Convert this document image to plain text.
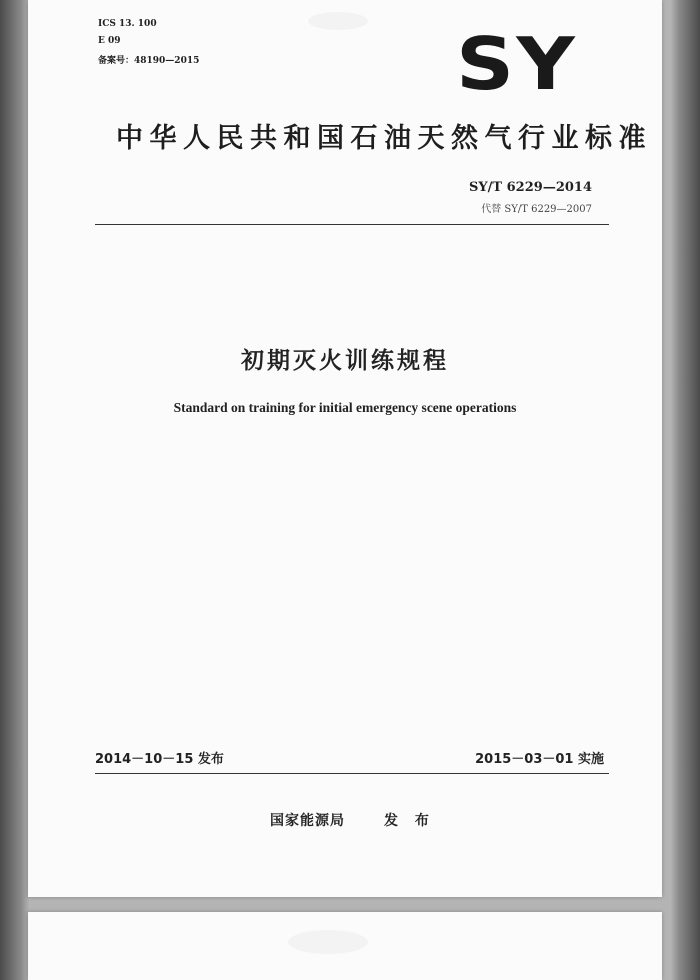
ICS 13. 100
E 09
备案号：48190—2015	SY
中华人民共和国石油天然气行业标准
SY/T 6229—2014
代替 SY/T 6229—2007
初期灭火训练规程
Standard on training for initial emergency scene operations
2014－10－15 发布	2015－03－01 实施
国家能源局	发 布
